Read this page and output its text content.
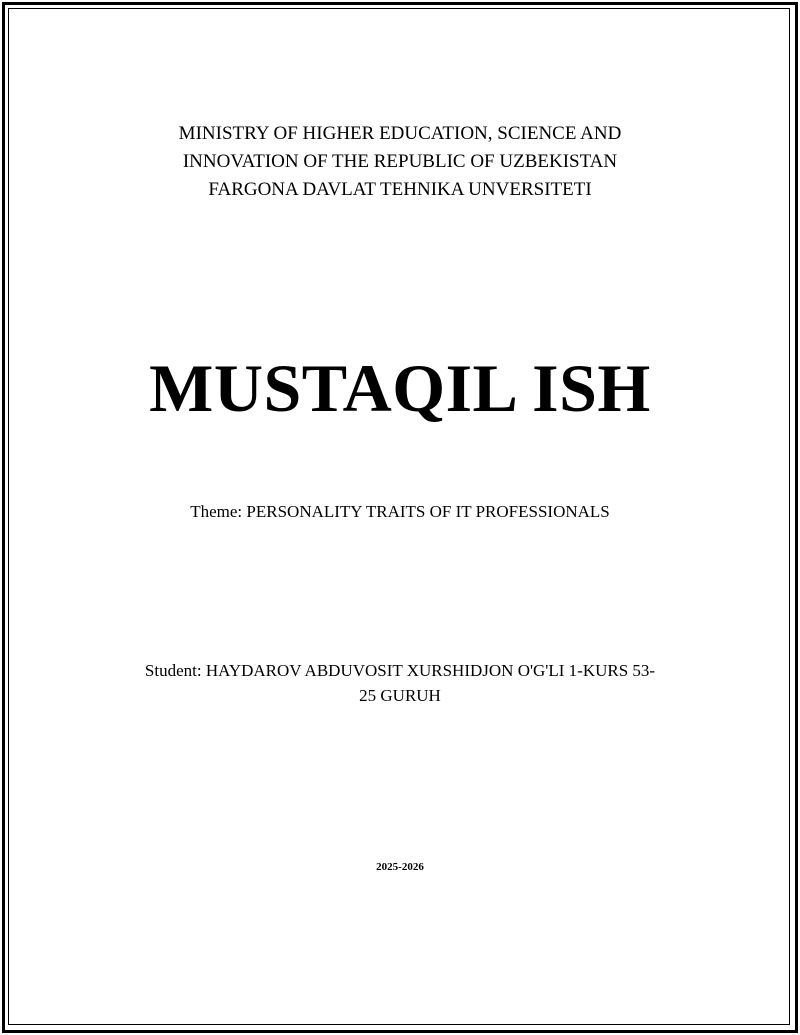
MINISTRY OF HIGHER EDUCATION, SCIENCE AND
INNOVATION OF THE REPUBLIC OF UZBEKISTAN
FARGONA DAVLAT TEHNIKA UNVERSITETI
MUSTAQIL ISH
Theme: PERSONALITY TRAITS OF IT PROFESSIONALS
Student: HAYDAROV ABDUVOSIT XURSHIDJON O'G'LI 1-KURS 53-
25 GURUH
2025-2026
